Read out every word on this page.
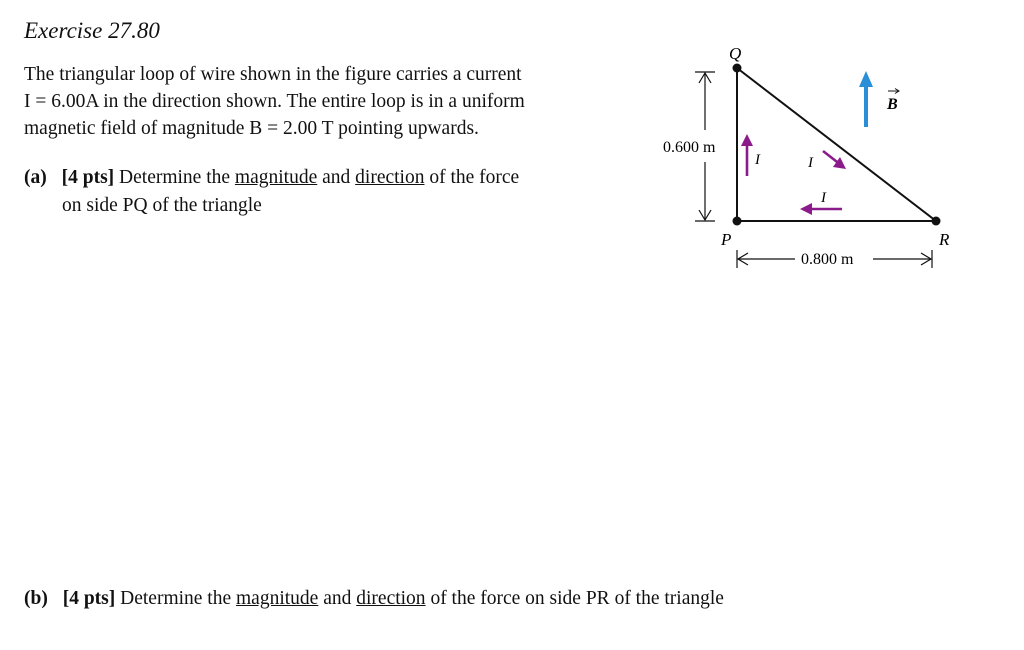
Exercise 27.80

The triangular loop of wire shown in the figure carries a current
I = 6.00A in the direction shown. The entire loop is in a uniform
magnetic field of magnitude B = 2.00 T pointing upwards.

(a) [4 pts] Determine the magnitude and direction of the force
on side PQ of the triangle
(b) [4 pts] Determine the magnitude and direction of the force on side PR of the triangle
Q
P	R
0.600 m
0.800 m
I	I
I
B
